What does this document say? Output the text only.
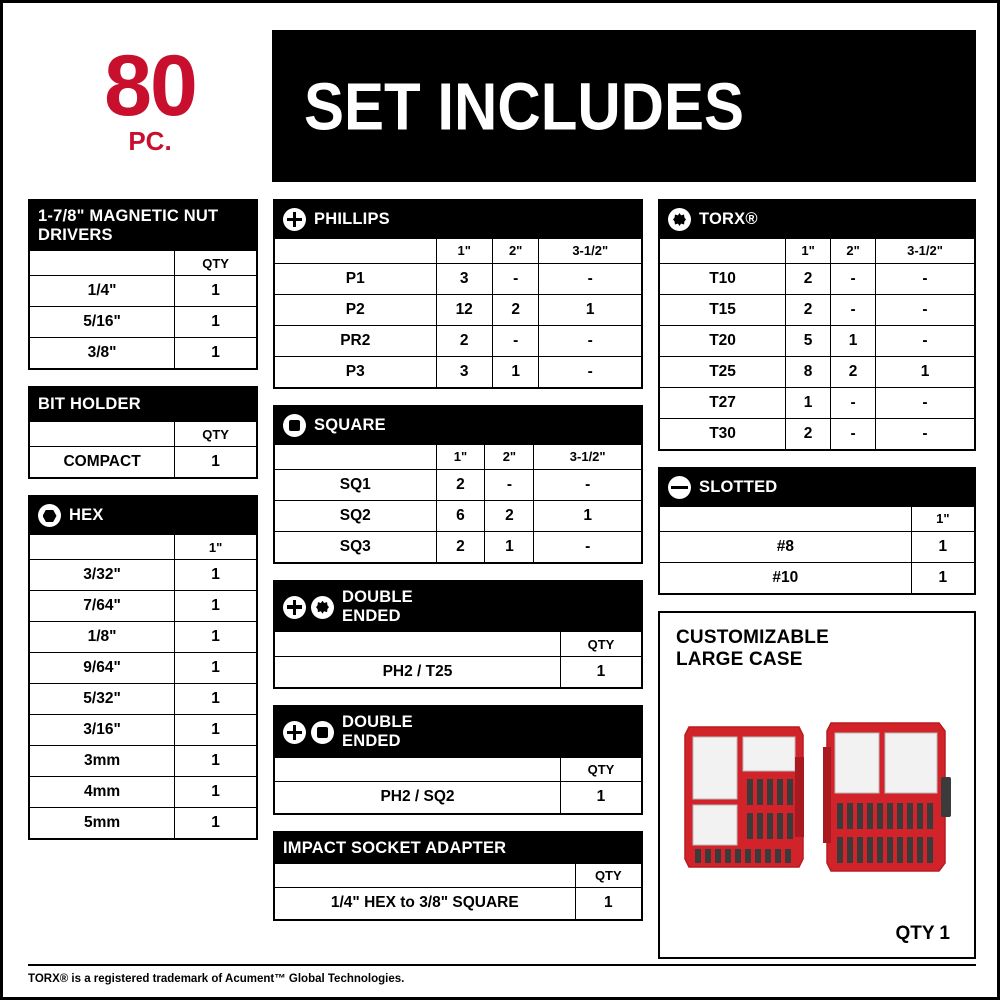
80
PC. SET INCLUDES
1-7/8" MAGNETIC NUT DRIVERS
	QTY
1/4"	1
5/16"	1
3/8"	1
BIT HOLDER
	QTY
COMPACT	1
HEX
	1"
3/32"	1
7/64"	1
1/8"	1
9/64"	1
5/32"	1
3/16"	1
3mm	1
4mm	1
5mm	1
PHILLIPS
	1"	2"	3-1/2"
P1	3	-	-
P2	12	2	1
PR2	2	-	-
P3	3	1	-
SQUARE
	1"	2"	3-1/2"
SQ1	2	-	-
SQ2	6	2	1
SQ3	2	1	-
DOUBLE
ENDED
	QTY
PH2 / T25	1
DOUBLE
ENDED
	QTY
PH2 / SQ2	1
IMPACT SOCKET ADAPTER
	QTY
1/4" HEX to 3/8" SQUARE	1
TORX®
	1"	2"	3-1/2"
T10	2	-	-
T15	2	-	-
T20	5	1	-
T25	8	2	1
T27	1	-	-
T30	2	-	-
SLOTTED
	1"
#8	1
#10	1
CUSTOMIZABLE
LARGE CASE
QTY 1
TORX® is a registered trademark of Acument™ Global Technologies.
